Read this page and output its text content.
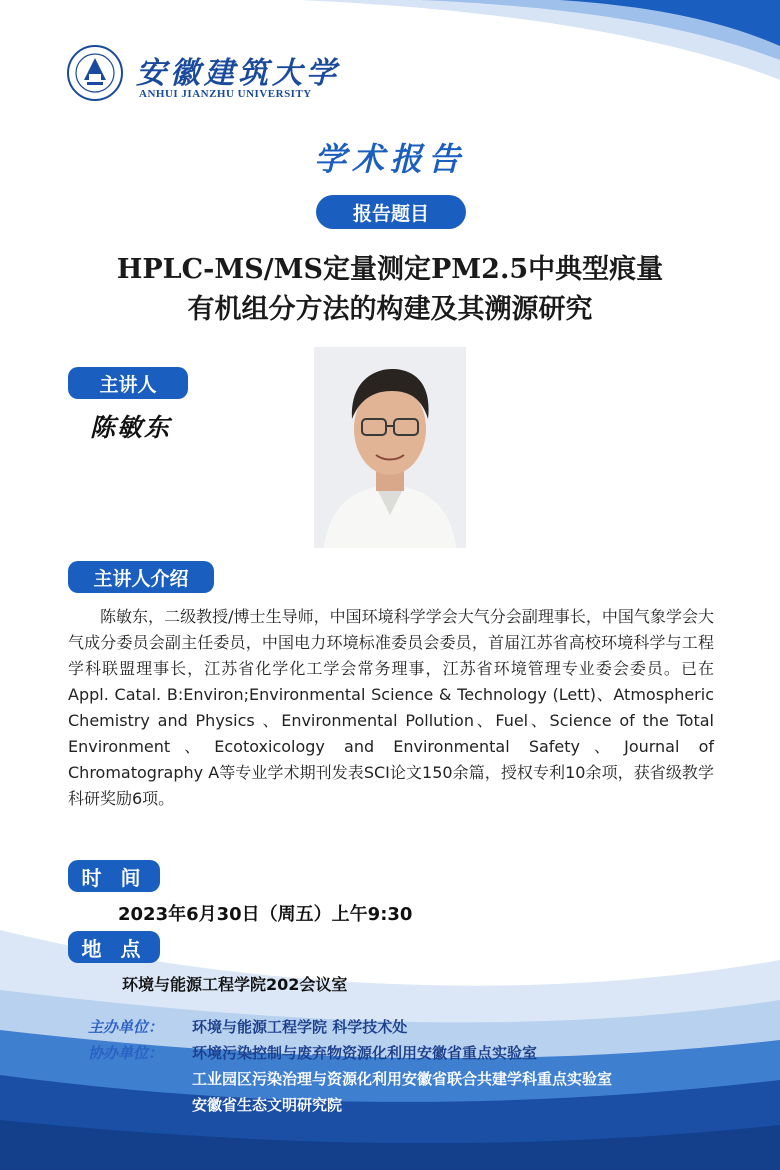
安徽建筑大学
ANHUI JIANZHU UNIVERSITY
学术报告
报告题目
HPLC-MS/MS定量测定PM2.5中典型痕量
有机组分方法的构建及其溯源研究
主讲人
陈敏东
主讲人介绍
陈敏东，二级教授/博士生导师，中国环境科学学会大气分会副理事长，中国气象学会大气成分委员会副主任委员，中国电力环境标准委员会委员，首届江苏省高校环境科学与工程学科联盟理事长，江苏省化学化工学会常务理事，江苏省环境管理专业委会委员。已在Appl. Catal. B:Environ;Environmental Science & Technology (Lett)、Atmospheric Chemistry and Physics 、Environmental Pollution、Fuel、Science of the Total Environment、Ecotoxicology and Environmental Safety、Journal of Chromatography A等专业学术期刊发表SCI论文150余篇，授权专利10余项，获省级教学科研奖励6项。
时 间
2023年6月30日（周五）上午9:30
地 点
环境与能源工程学院202会议室
主办单位： 环境与能源工程学院 科学技术处
协办单位： 环境污染控制与废弃物资源化利用安徽省重点实验室
工业园区污染治理与资源化利用安徽省联合共建学科重点实验室
安徽省生态文明研究院
